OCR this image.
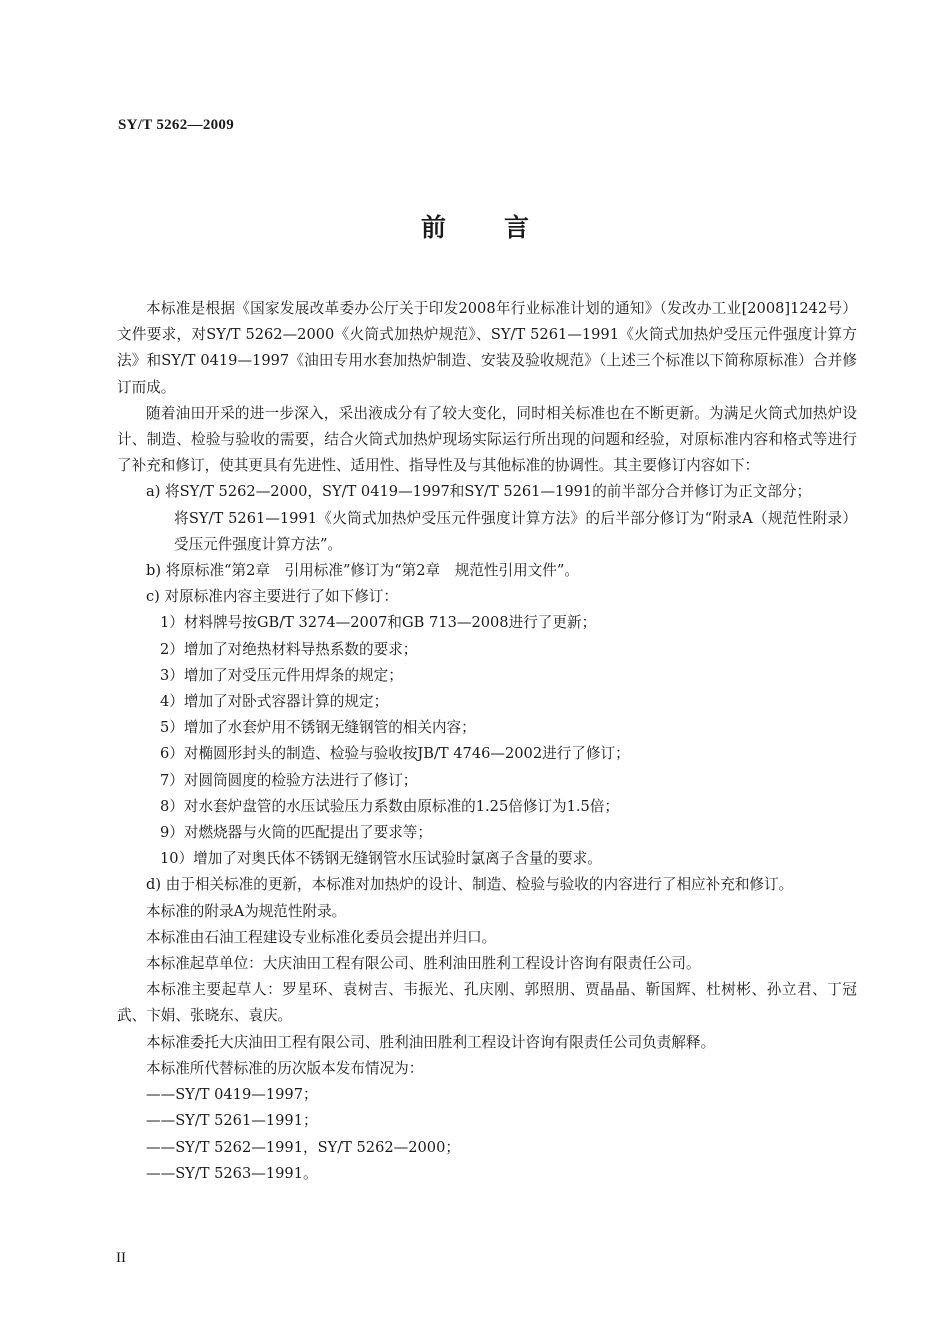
SY/T 5262—2009
前言

本标准是根据《国家发展改革委办公厅关于印发2008年行业标准计划的通知》（发改办工业[2008]1242号）文件要求，对SY/T 5262—2000《火筒式加热炉规范》、SY/T 5261—1991《火筒式加热炉受压元件强度计算方法》和SY/T 0419—1997《油田专用水套加热炉制造、安装及验收规范》（上述三个标准以下简称原标准）合并修订而成。

随着油田开采的进一步深入，采出液成分有了较大变化，同时相关标准也在不断更新。为满足火筒式加热炉设计、制造、检验与验收的需要，结合火筒式加热炉现场实际运行所出现的问题和经验，对原标准内容和格式等进行了补充和修订，使其更具有先进性、适用性、指导性及与其他标准的协调性。其主要修订内容如下：

a) 将SY/T 5262—2000，SY/T 0419—1997和SY/T 5261—1991的前半部分合并修订为正文部分；

将SY/T 5261—1991《火筒式加热炉受压元件强度计算方法》的后半部分修订为“附录A（规范性附录）受压元件强度计算方法”。

b) 将原标准“第2章　引用标准”修订为“第2章　规范性引用文件”。

c) 对原标准内容主要进行了如下修订：

1）材料牌号按GB/T 3274—2007和GB 713—2008进行了更新；

2）增加了对绝热材料导热系数的要求；

3）增加了对受压元件用焊条的规定；

4）增加了对卧式容器计算的规定；

5）增加了水套炉用不锈钢无缝钢管的相关内容；

6）对椭圆形封头的制造、检验与验收按JB/T 4746—2002进行了修订；

7）对圆筒圆度的检验方法进行了修订；

8）对水套炉盘管的水压试验压力系数由原标准的1.25倍修订为1.5倍；

9）对燃烧器与火筒的匹配提出了要求等；

10）增加了对奥氏体不锈钢无缝钢管水压试验时氯离子含量的要求。

d) 由于相关标准的更新，本标准对加热炉的设计、制造、检验与验收的内容进行了相应补充和修订。

本标准的附录A为规范性附录。

本标准由石油工程建设专业标准化委员会提出并归口。

本标准起草单位：大庆油田工程有限公司、胜利油田胜利工程设计咨询有限责任公司。

本标准主要起草人：罗星环、袁树吉、韦振光、孔庆刚、郭照朋、贾晶晶、靳国辉、杜树彬、孙立君、丁冠武、卞娟、张晓东、袁庆。

本标准委托大庆油田工程有限公司、胜利油田胜利工程设计咨询有限责任公司负责解释。

本标准所代替标准的历次版本发布情况为：

——SY/T 0419—1997；

——SY/T 5261—1991；

——SY/T 5262—1991，SY/T 5262—2000；

——SY/T 5263—1991。

II
